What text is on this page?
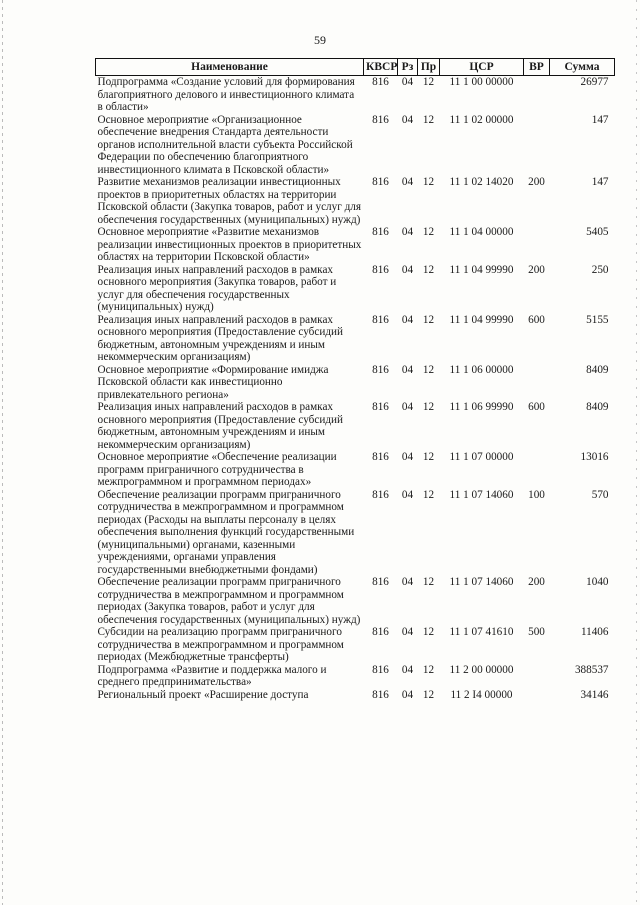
59
Наименование	КВСР	Рз	Пр	ЦСР	ВР	Сумма
Подпрограмма «Создание условий для формирования благоприятного делового и инвестиционного климата в области»	816	04	12	11 1 00 00000		26977
Основное мероприятие «Организационное обеспечение внедрения Стандарта деятельности органов исполнительной власти субъекта Российской Федерации по обеспечению благоприятного инвестиционного климата в Псковской области»	816	04	12	11 1 02 00000		147
Развитие механизмов реализации инвестиционных проектов в приоритетных областях на территории Псковской области (Закупка товаров, работ и услуг для обеспечения государственных (муниципальных) нужд)	816	04	12	11 1 02 14020	200	147
Основное мероприятие «Развитие механизмов реализации инвестиционных проектов в приоритетных областях на территории Псковской области»	816	04	12	11 1 04 00000		5405
Реализация иных направлений расходов в рамках основного мероприятия (Закупка товаров, работ и услуг для обеспечения государственных (муниципальных) нужд)	816	04	12	11 1 04 99990	200	250
Реализация иных направлений расходов в рамках основного мероприятия (Предоставление субсидий бюджетным, автономным учреждениям и иным некоммерческим организациям)	816	04	12	11 1 04 99990	600	5155
Основное мероприятие «Формирование имиджа Псковской области как инвестиционно привлекательного региона»	816	04	12	11 1 06 00000		8409
Реализация иных направлений расходов в рамках основного мероприятия (Предоставление субсидий бюджетным, автономным учреждениям и иным некоммерческим организациям)	816	04	12	11 1 06 99990	600	8409
Основное мероприятие «Обеспечение реализации программ приграничного сотрудничества в межпрограммном и программном периодах»	816	04	12	11 1 07 00000		13016
Обеспечение реализации программ приграничного сотрудничества в межпрограммном и программном периодах (Расходы на выплаты персоналу в целях обеспечения выполнения функций государственными (муниципальными) органами, казенными учреждениями, органами управления государственными внебюджетными фондами)	816	04	12	11 1 07 14060	100	570
Обеспечение реализации программ приграничного сотрудничества в межпрограммном и программном периодах (Закупка товаров, работ и услуг для обеспечения государственных (муниципальных) нужд)	816	04	12	11 1 07 14060	200	1040
Субсидии на реализацию программ приграничного сотрудничества в межпрограммном и программном периодах (Межбюджетные трансферты)	816	04	12	11 1 07 41610	500	11406
Подпрограмма «Развитие и поддержка малого и среднего предпринимательства»	816	04	12	11 2 00 00000		388537
Региональный проект «Расширение доступа	816	04	12	11 2 I4 00000		34146
